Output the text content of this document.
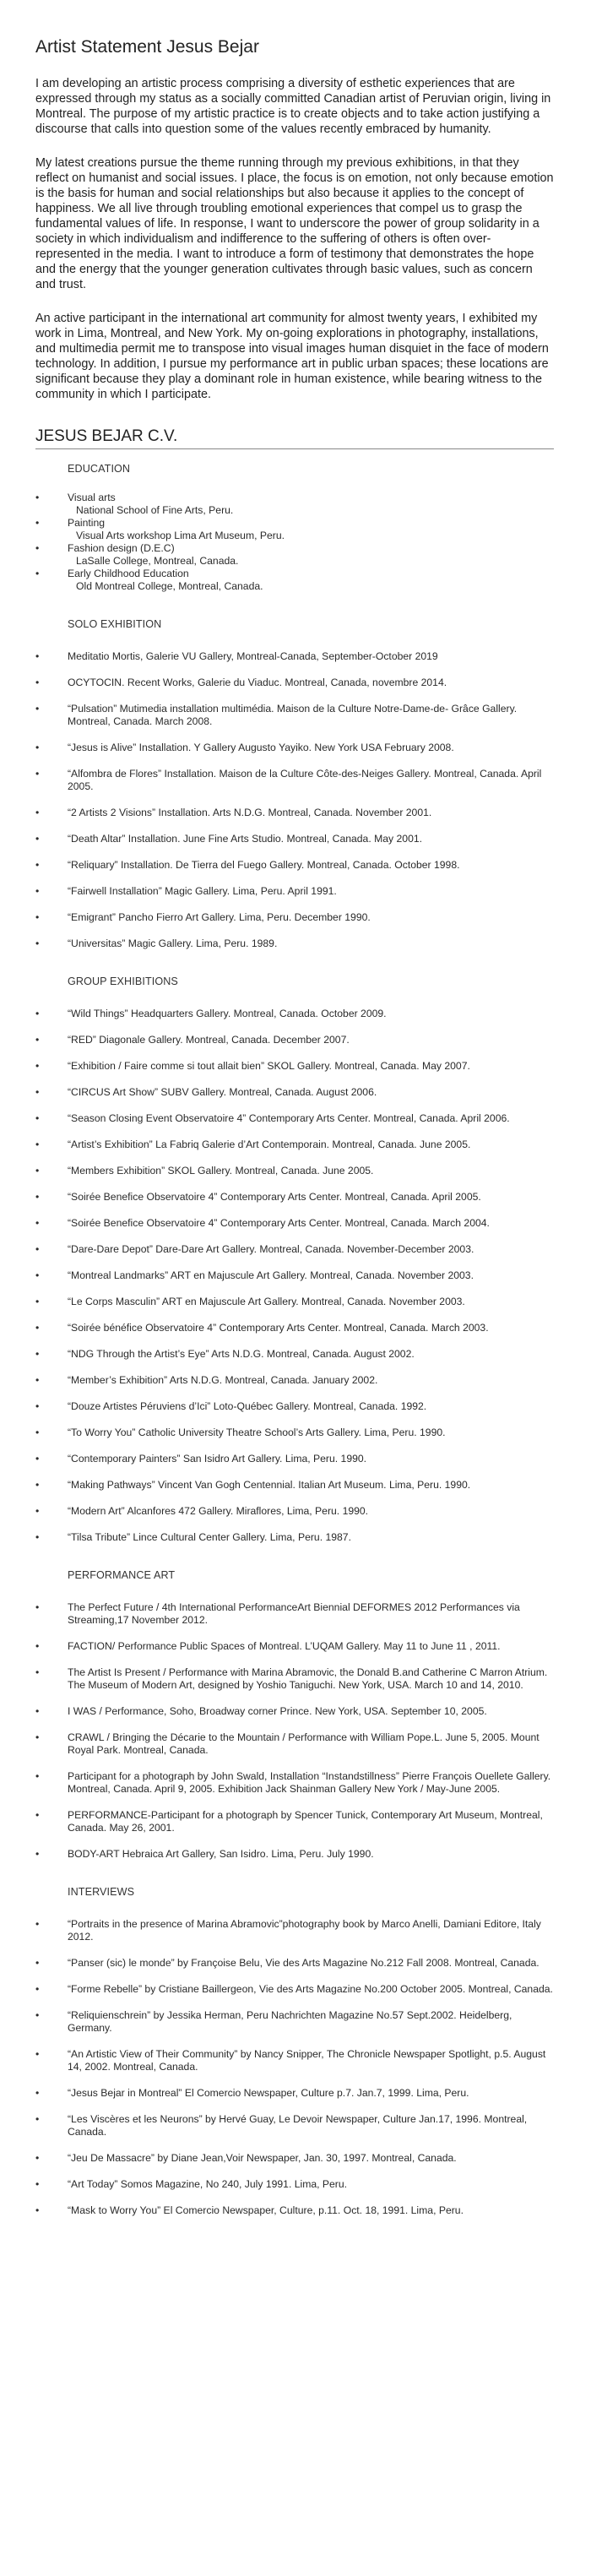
Artist Statement Jesus Bejar

I am developing an artistic process comprising a diversity of esthetic experiences that are expressed through my status as a socially committed Canadian artist of Peruvian origin, living in Montreal. The purpose of my artistic practice is to create objects and to take action justifying a discourse that calls into question some of the values recently embraced by humanity.

My latest creations pursue the theme running through my previous exhibitions, in that they reflect on humanist and social issues. I place, the focus is on emotion, not only because emotion is the basis for human and social relationships but also because it applies to the concept of happiness. We all live through troubling emotional experiences that compel us to grasp the fundamental values of life. In response, I want to underscore the power of group solidarity in a society in which individualism and indifference to the suffering of others is often over-represented in the media. I want to introduce a form of testimony that demonstrates the hope and the energy that the younger generation cultivates through basic values, such as concern and trust.

An active participant in the international art community for almost twenty years, I exhibited my work in Lima, Montreal, and New York. My on-going explorations in photography, installations, and multimedia permit me to transpose into visual images human disquiet in the face of modern technology. In addition, I pursue my performance art in public urban spaces; these locations are significant because they play a dominant role in human existence, while bearing witness to the community in which I participate.

JESUS BEJAR C.V.
EDUCATION
•	Visual arts
National School of Fine Arts, Peru.
•	Painting
Visual Arts workshop Lima Art Museum, Peru.
•	Fashion design (D.E.C)
LaSalle College, Montreal, Canada.
•	Early Childhood Education
Old Montreal College, Montreal, Canada.
SOLO EXHIBITION
•	Meditatio Mortis, Galerie VU Gallery, Montreal-Canada, September-October 2019
•	OCYTOCIN. Recent Works, Galerie du Viaduc. Montreal, Canada, novembre 2014.
•	“Pulsation” Mutimedia installation multimédia. Maison de la Culture Notre-Dame-de- Grâce Gallery. Montreal, Canada. March 2008.
•	“Jesus is Alive” Installation. Y Gallery Augusto Yayiko. New York USA February 2008.
•	“Alfombra de Flores” Installation. Maison de la Culture Côte-des-Neiges Gallery. Montreal, Canada. April 2005.
•	“2 Artists 2 Visions” Installation. Arts N.D.G. Montreal, Canada. November 2001.
•	“Death Altar” Installation. June Fine Arts Studio. Montreal, Canada. May 2001.
•	“Reliquary” Installation. De Tierra del Fuego Gallery. Montreal, Canada. October 1998.
•	“Fairwell Installation” Magic Gallery. Lima, Peru. April 1991.
•	“Emigrant” Pancho Fierro Art Gallery. Lima, Peru. December 1990.
•	“Universitas” Magic Gallery. Lima, Peru. 1989.
GROUP EXHIBITIONS
•	“Wild Things” Headquarters Gallery. Montreal, Canada. October 2009.
•	“RED” Diagonale Gallery. Montreal, Canada. December 2007.
•	“Exhibition / Faire comme si tout allait bien” SKOL Gallery. Montreal, Canada. May 2007.
•	“CIRCUS Art Show” SUBV Gallery. Montreal, Canada. August 2006.
•	“Season Closing Event Observatoire 4” Contemporary Arts Center. Montreal, Canada. April 2006.
•	“Artist’s Exhibition” La Fabriq Galerie d’Art Contemporain. Montreal, Canada. June 2005.
•	“Members Exhibition” SKOL Gallery. Montreal, Canada. June 2005.
•	“Soirée Benefice Observatoire 4” Contemporary Arts Center. Montreal, Canada. April 2005.
•	“Soirée Benefice Observatoire 4” Contemporary Arts Center. Montreal, Canada. March 2004.
•	“Dare-Dare Depot” Dare-Dare Art Gallery. Montreal, Canada. November-December 2003.
•	“Montreal Landmarks” ART en Majuscule Art Gallery. Montreal, Canada. November 2003.
•	“Le Corps Masculin” ART en Majuscule Art Gallery. Montreal, Canada. November 2003.
•	“Soirée bénéfice Observatoire 4” Contemporary Arts Center. Montreal, Canada. March 2003.
•	“NDG Through the Artist’s Eye” Arts N.D.G. Montreal, Canada. August 2002.
•	“Member’s Exhibition” Arts N.D.G. Montreal, Canada. January 2002.
•	“Douze Artistes Péruviens d’Ici” Loto-Québec Gallery. Montreal, Canada. 1992.
•	“To Worry You” Catholic University Theatre School’s Arts Gallery. Lima, Peru. 1990.
•	“Contemporary Painters” San Isidro Art Gallery. Lima, Peru. 1990.
•	“Making Pathways” Vincent Van Gogh Centennial. Italian Art Museum. Lima, Peru. 1990.
•	“Modern Art” Alcanfores 472 Gallery. Miraflores, Lima, Peru. 1990.
•	“Tilsa Tribute” Lince Cultural Center Gallery. Lima, Peru. 1987.
PERFORMANCE ART
•	The Perfect Future / 4th International PerformanceArt Biennial DEFORMES 2012 Performances via Streaming,17 November 2012.
•	FACTION/ Performance Public Spaces of Montreal. L’UQAM Gallery. May 11 to June 11 , 2011.
•	The Artist Is Present / Performance with Marina Abramovic, the Donald B.and Catherine C Marron Atrium. The Museum of Modern Art, designed by Yoshio Taniguchi. New York, USA. March 10 and 14, 2010.
•	I WAS / Performance, Soho, Broadway corner Prince. New York, USA. September 10, 2005.
•	CRAWL / Bringing the Décarie to the Mountain / Performance with William Pope.L. June 5, 2005. Mount Royal Park. Montreal, Canada.
•	Participant for a photograph by John Swald, Installation “Instandstillness” Pierre François Ouellete Gallery. Montreal, Canada. April 9, 2005. Exhibition Jack Shainman Gallery New York / May-June 2005.
•	PERFORMANCE-Participant for a photograph by Spencer Tunick, Contemporary Art Museum, Montreal, Canada. May 26, 2001.
•	BODY-ART Hebraica Art Gallery, San Isidro. Lima, Peru. July 1990.
INTERVIEWS
•	“Portraits in the presence of Marina Abramovic”photography book by Marco Anelli, Damiani Editore, Italy 2012.
•	“Panser (sic) le monde” by Françoise Belu, Vie des Arts Magazine No.212 Fall 2008. Montreal, Canada.
•	“Forme Rebelle” by Cristiane Baillergeon, Vie des Arts Magazine No.200 October 2005. Montreal, Canada.
•	“Reliquienschrein” by Jessika Herman, Peru Nachrichten Magazine No.57 Sept.2002. Heidelberg, Germany.
•	“An Artistic View of Their Community” by Nancy Snipper, The Chronicle Newspaper Spotlight, p.5. August 14, 2002. Montreal, Canada.
•	“Jesus Bejar in Montreal” El Comercio Newspaper, Culture p.7. Jan.7, 1999. Lima, Peru.
•	“Les Viscères et les Neurons” by Hervé Guay, Le Devoir Newspaper, Culture Jan.17, 1996. Montreal, Canada.
•	“Jeu De Massacre” by Diane Jean,Voir Newspaper, Jan. 30, 1997. Montreal, Canada.
•	“Art Today” Somos Magazine, No 240, July 1991. Lima, Peru.
•	“Mask to Worry You” El Comercio Newspaper, Culture, p.11. Oct. 18, 1991. Lima, Peru.
